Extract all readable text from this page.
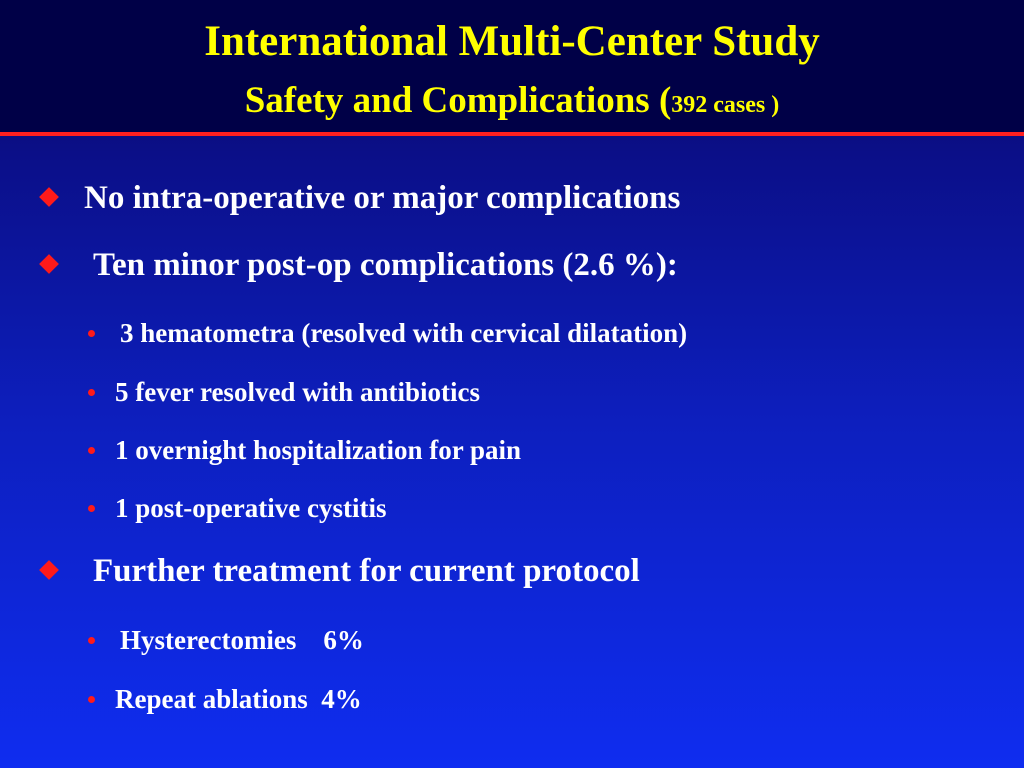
International Multi-Center Study
Safety and Complications (392 cases )
No intra-operative or major complications
Ten minor post-op complications (2.6 %):
3 hematometra (resolved with cervical dilatation)
5 fever resolved with antibiotics
1 overnight hospitalization for pain
1 post-operative cystitis
Further treatment for current protocol
Hysterectomies    6%
Repeat ablations  4%
